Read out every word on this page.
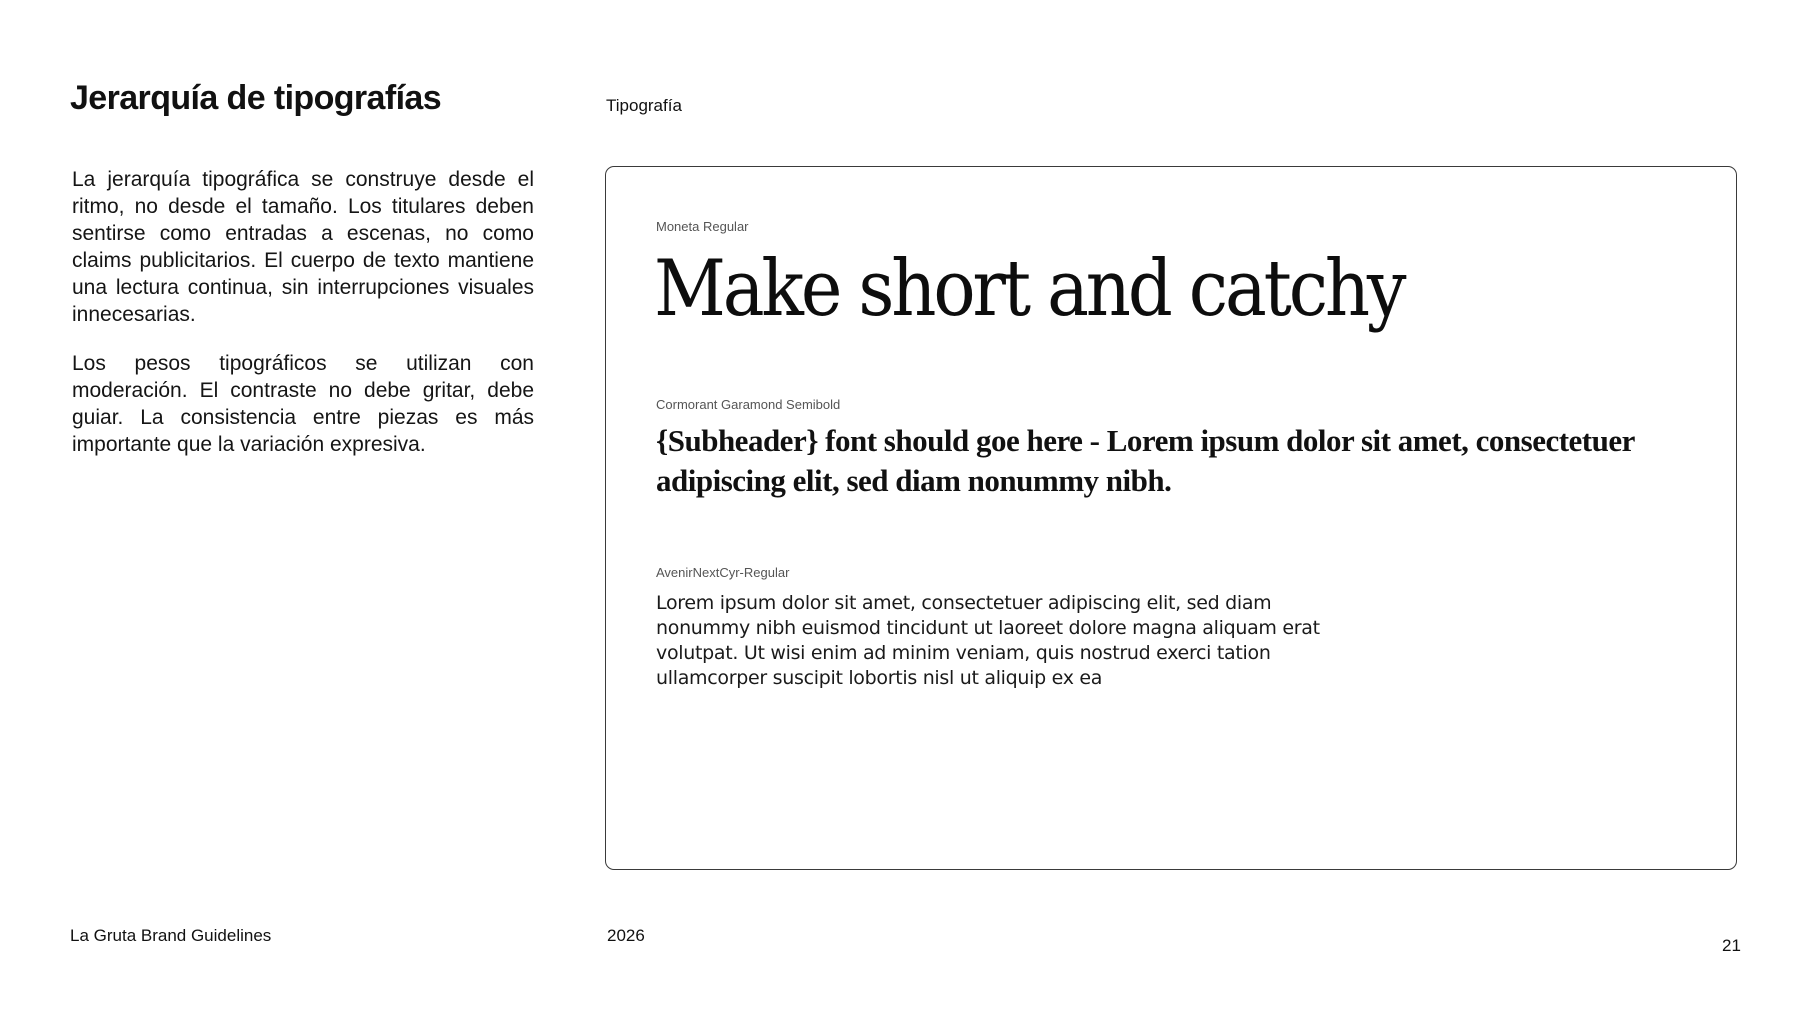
Jerarquía de tipografías	Tipografía

La jerarquía tipográfica se construye desde el ritmo, no desde el tamaño. Los titulares deben sentirse como entradas a escenas, no como claims publicitarios. El cuerpo de texto mantiene una lectura continua, sin interrupciones visuales innecesarias.

Los pesos tipográficos se utilizan con moderación. El contraste no debe gritar, debe guiar. La consistencia entre piezas es más importante que la variación expresiva.

Moneta Regular
Make short and catchy
Cormorant Garamond Semibold
{Subheader} font should goe here - Lorem ipsum dolor sit amet, consectetuer adipiscing elit, sed diam nonummy nibh.
AvenirNextCyr-Regular
Lorem ipsum dolor sit amet, consectetuer adipiscing elit, sed diam nonummy nibh euismod tincidunt ut laoreet dolore magna aliquam erat volutpat. Ut wisi enim ad minim veniam, quis nostrud exerci tation ullamcorper suscipit lobortis nisl ut aliquip ex ea
La Gruta Brand Guidelines	2026
21
